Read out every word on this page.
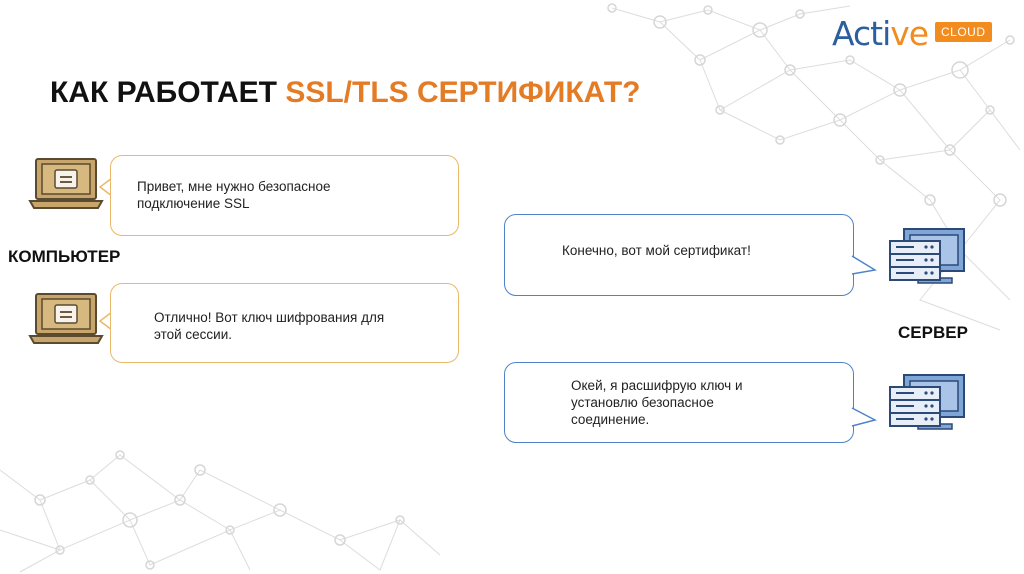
Active	CLOUD
КАК РАБОТАЕТ SSL/TLS СЕРТИФИКАТ?
КОМПЬЮТЕР
Привет, мне нужно безопасное
подключение SSL
Отлично! Вот ключ шифрования для
этой сессии.
Конечно, вот мой сертификат!
Окей, я расшифрую ключ и
установлю безопасное
соединение.
СЕРВЕР
